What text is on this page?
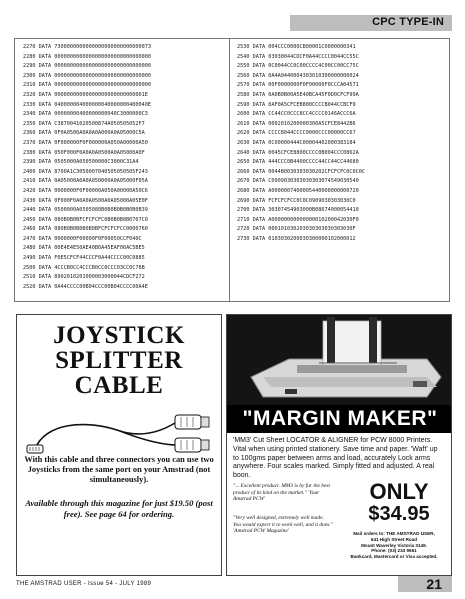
CPC TYPE-IN
2270 DATA 7300000000000000000000000000073
2280 DATA 0000000000000000000000000000000
2290 DATA 0000000000000000000000000000000
2300 DATA 0000000000000000000000000000000
2310 DATA 0000000000000000000000000000000
2320 DATA 00000000000000000000000000001E
2330 DATA 040000004000000040000000400040E
2340 DATA 00000000400000000040C3000000C3
2350 DATA C3870041020500874A050505052F7
2360 DATA 0F0A0500A0A0A0A000A0A05000C5A
2370 DATA 0F000000F0F000000A050A00000A50
2380 DATA 050F000F0A0A0A0500A0A05000A0F
2390 DATA 0505000A050500000C3000C31A4
2400 DATA 8700A1C3050007040505050505F243
2410 DATA 0A05000A0A0A050000A0A05000F05A
2420 DATA 0000000F0F00000A050A00000A50C6
2430 DATA 0F000F0A0A0A0500A0A05000A05E0F
2440 DATA 0500000A0505080B0B0B0B0B0B0B39
2450 DATA 080B0B0BFCFCFCFC0B0B0B0B0707C0
2460 DATA 080B0B0B0B0B0BFCFCFCFCC0000760
2470 DATA 0000000F00000F0F00050CCF040C
2480 DATA 00E4E4E50AE40B0A45EAF00AC5BE5
2490 DATA F0E5CFCF44CCCF0A44CCCC00C0885
2500 DATA 4CCCB0CC4CCCB0CC0CCC03CC0C78B
2510 DATA 8902010201000003000044CDCF272
2520 DATA 0A44CCCC00B04CCC00B04CCCC00A4E
2530 DATA 004CCC0000CB00001C0000000341
2540 DATA 03030044CDCF0A44CCCC0044CC55C
2550 DATA 0C0044CC0C00CCCC4C00CC00CC75C
2560 DATA 0A4A0440004303010300000000024
2570 DATA 00F0000000F0F00000F0CCCA04571
2580 DATA 0A0B0B00A5E40BCA45F0D0CFCF99A
2590 DATA 0AF0A5CFCEB800CCCCB044CCBCF9
2600 DATA CC44CC0CCC8CC4CCCC0146ACCC6A
2610 DATA 0002010200000300A5CFCE8442B6
2620 DATA CCCC8044CCCC0000CCC00000CC67
2630 DATA 0C00000444C00004402000383184
2640 DATA 0045CFCE8800CCCC0B004CCC0862A
2650 DATA 444CCC0B4400CCCC44CC44CC44680
2660 DATA 0044B0030303030202CFCFCFC0C0C0C
2670 DATA C0909030303030303074549030540
2680 DATA A0000007400005440000000000720
2690 DATA FCFCFCFCC0C0C0909030303030C0
2700 DATA 30307454903000B08674000054410
2710 DATA A00000000000000010200042030F0
2720 DATA 000101030203030303030303030F
2730 DATA 0103030200030300000102000012
JOYSTICK
SPLITTER
CABLE
With this cable and three connectors you can use two Joysticks from the same port on your Amstrad (not simultaneously).
Available through this magazine for just $19.50 (post free). See page 64 for ordering.
"MARGIN MAKER"
'MM3' Cut Sheet LOCATOR & ALIGNER for PCW 8000 Printers. Vital when using printed stationery. Save time and paper. 'Waft' up to 100gms paper between arms and load, accurately Lock arms anywhere. Four scales marked. Simply fitted and adjusted. A real boon.
"... Excellent product. MM3 is by far the best product of its kind on the market." 'Your Amstrad PCW'
"Very well designed, extremely well made. You would expect it to work well, and it does." 'Amstrad PCW Magazine'
ONLY
$34.95
Mail orders to: THE AMSTRAD USER,
641 High Street Road
Mount Waverley Victoria 3149.
Phone: (03) 233 9661
Bankcard, Mastercard or Visa accepted.
THE AMSTRAD USER - Issue 54 - JULY 1989	21
